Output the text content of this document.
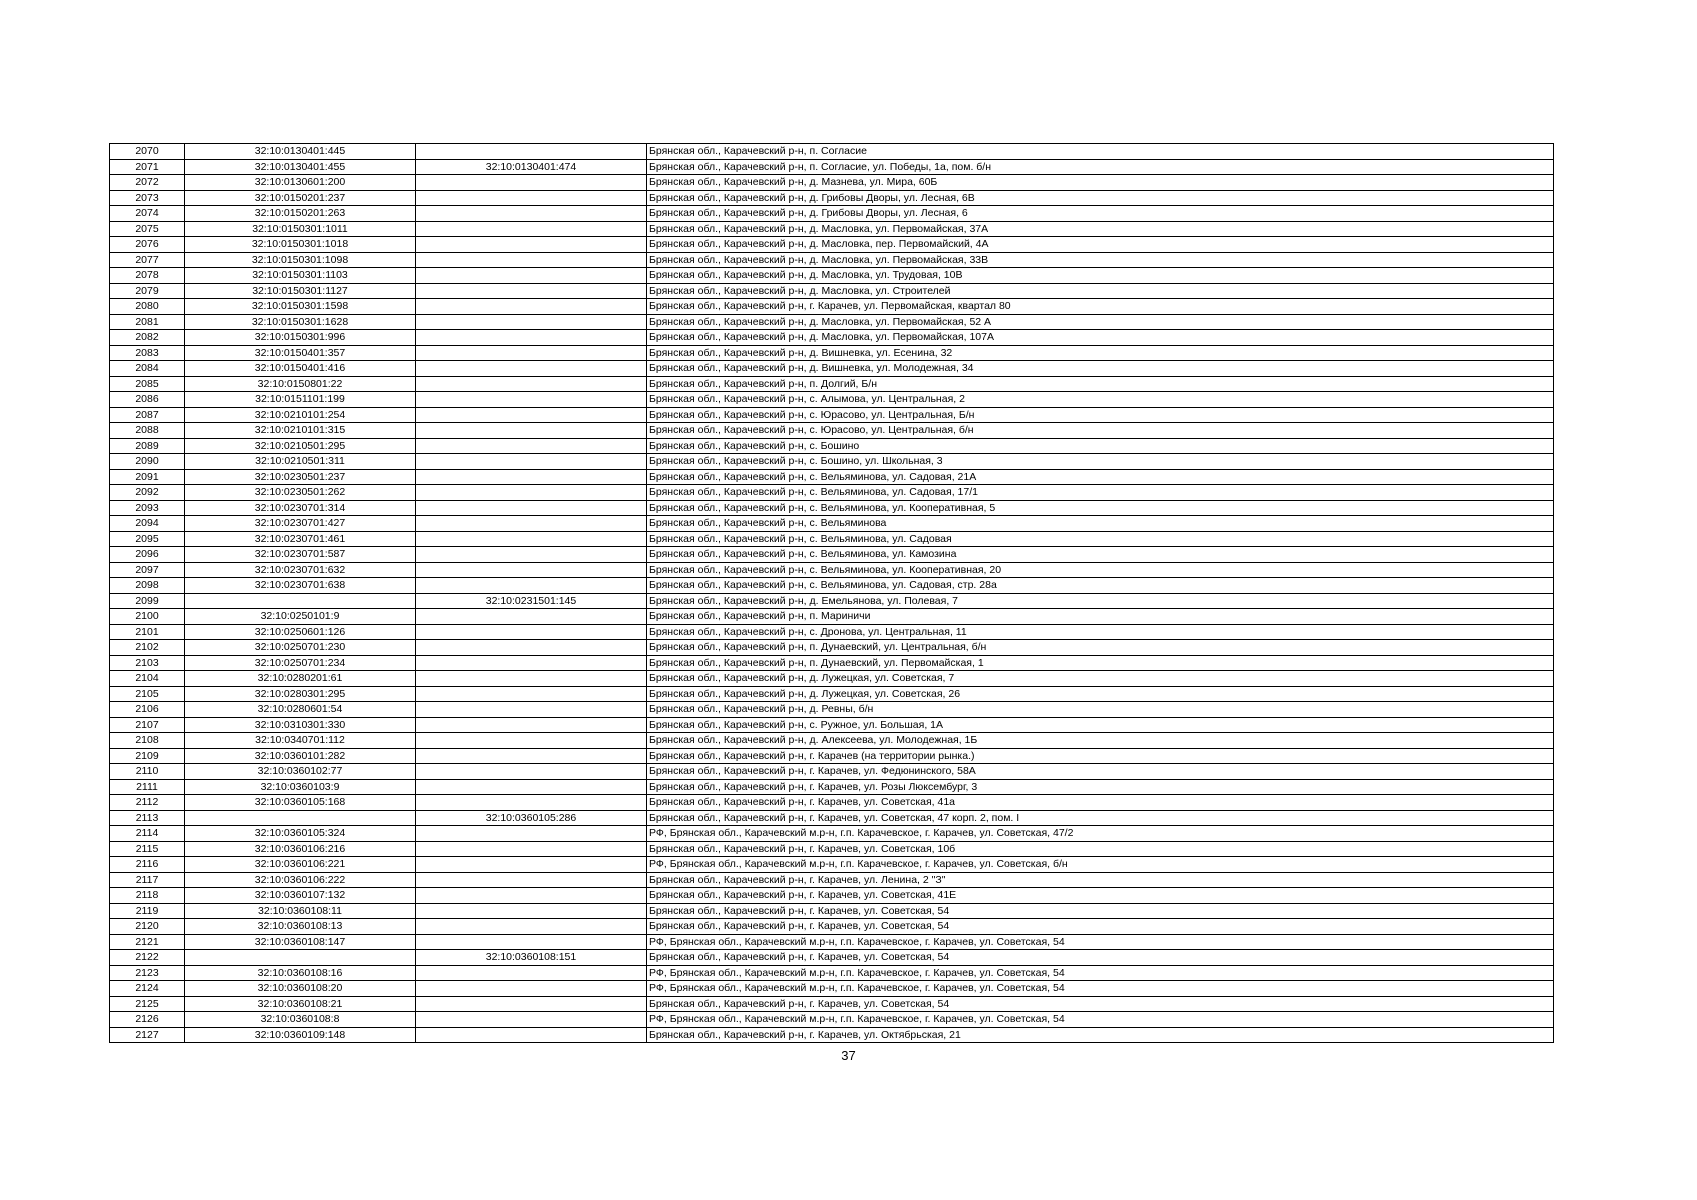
2070	32:10:0130401:445		Брянская обл., Карачевский р-н, п. Согласие
2071	32:10:0130401:455	32:10:0130401:474	Брянская обл., Карачевский р-н, п. Согласие, ул. Победы, 1а, пом. б/н
2072	32:10:0130601:200		Брянская обл., Карачевский р-н, д. Мазнева, ул. Мира, 60Б
2073	32:10:0150201:237		Брянская обл., Карачевский р-н, д. Грибовы Дворы, ул. Лесная, 6В
2074	32:10:0150201:263		Брянская обл., Карачевский р-н, д. Грибовы Дворы, ул. Лесная, 6
2075	32:10:0150301:1011		Брянская обл., Карачевский р-н, д. Масловка, ул. Первомайская, 37А
2076	32:10:0150301:1018		Брянская обл., Карачевский р-н, д. Масловка, пер. Первомайский, 4А
2077	32:10:0150301:1098		Брянская обл., Карачевский р-н, д. Масловка, ул. Первомайская, 33В
2078	32:10:0150301:1103		Брянская обл., Карачевский р-н, д. Масловка, ул. Трудовая, 10В
2079	32:10:0150301:1127		Брянская обл., Карачевский р-н, д. Масловка, ул. Строителей
2080	32:10:0150301:1598		Брянская обл., Карачевский р-н, г. Карачев, ул. Первомайская, квартал 80
2081	32:10:0150301:1628		Брянская обл., Карачевский р-н, д. Масловка, ул. Первомайская, 52 А
2082	32:10:0150301:996		Брянская обл., Карачевский р-н, д. Масловка, ул. Первомайская, 107А
2083	32:10:0150401:357		Брянская обл., Карачевский р-н, д. Вишневка, ул. Есенина, 32
2084	32:10:0150401:416		Брянская обл., Карачевский р-н, д. Вишневка, ул. Молодежная, 34
2085	32:10:0150801:22		Брянская обл., Карачевский р-н, п. Долгий, Б/н
2086	32:10:0151101:199		Брянская обл., Карачевский р-н, с. Алымова, ул. Центральная, 2
2087	32:10:0210101:254		Брянская обл., Карачевский р-н, с. Юрасово, ул. Центральная, Б/н
2088	32:10:0210101:315		Брянская обл., Карачевский р-н, с. Юрасово, ул. Центральная, б/н
2089	32:10:0210501:295		Брянская обл., Карачевский р-н, с. Бошино
2090	32:10:0210501:311		Брянская обл., Карачевский р-н, с. Бошино, ул. Школьная, 3
2091	32:10:0230501:237		Брянская обл., Карачевский р-н, с. Вельяминова, ул. Садовая, 21А
2092	32:10:0230501:262		Брянская обл., Карачевский р-н, с. Вельяминова, ул. Садовая, 17/1
2093	32:10:0230701:314		Брянская обл., Карачевский р-н, с. Вельяминова, ул. Кооперативная, 5
2094	32:10:0230701:427		Брянская обл., Карачевский р-н, с. Вельяминова
2095	32:10:0230701:461		Брянская обл., Карачевский р-н, с. Вельяминова, ул. Садовая
2096	32:10:0230701:587		Брянская обл., Карачевский р-н, с. Вельяминова, ул. Камозина
2097	32:10:0230701:632		Брянская обл., Карачевский р-н, с. Вельяминова, ул. Кооперативная, 20
2098	32:10:0230701:638		Брянская обл., Карачевский р-н, с. Вельяминова, ул. Садовая, стр. 28а
2099		32:10:0231501:145	Брянская обл., Карачевский р-н, д. Емельянова, ул. Полевая, 7
2100	32:10:0250101:9		Брянская обл., Карачевский р-н, п. Мариничи
2101	32:10:0250601:126		Брянская обл., Карачевский р-н, с. Дронова, ул. Центральная, 11
2102	32:10:0250701:230		Брянская обл., Карачевский р-н, п. Дунаевский, ул. Центральная, б/н
2103	32:10:0250701:234		Брянская обл., Карачевский р-н, п. Дунаевский, ул. Первомайская, 1
2104	32:10:0280201:61		Брянская обл., Карачевский р-н, д. Лужецкая, ул. Советская, 7
2105	32:10:0280301:295		Брянская обл., Карачевский р-н, д. Лужецкая, ул. Советская, 26
2106	32:10:0280601:54		Брянская обл., Карачевский р-н, д. Ревны, б/н
2107	32:10:0310301:330		Брянская обл., Карачевский р-н, с. Ружное, ул. Большая, 1А
2108	32:10:0340701:112		Брянская обл., Карачевский р-н, д. Алексеева, ул. Молодежная, 1Б
2109	32:10:0360101:282		Брянская обл., Карачевский р-н, г. Карачев (на территории рынка.)
2110	32:10:0360102:77		Брянская обл., Карачевский р-н, г. Карачев, ул. Федюнинского, 58А
2111	32:10:0360103:9		Брянская обл., Карачевский р-н, г. Карачев, ул. Розы Люксембург, 3
2112	32:10:0360105:168		Брянская обл., Карачевский р-н, г. Карачев, ул. Советская, 41а
2113		32:10:0360105:286	Брянская обл., Карачевский р-н, г. Карачев, ул. Советская, 47 корп. 2, пом. I
2114	32:10:0360105:324		РФ, Брянская обл., Карачевский м.р-н, г.п. Карачевское, г. Карачев, ул. Советская, 47/2
2115	32:10:0360106:216		Брянская обл., Карачевский р-н, г. Карачев, ул. Советская, 10б
2116	32:10:0360106:221		РФ, Брянская обл., Карачевский м.р-н, г.п. Карачевское, г. Карачев, ул. Советская, б/н
2117	32:10:0360106:222		Брянская обл., Карачевский р-н, г. Карачев, ул. Ленина, 2 "З"
2118	32:10:0360107:132		Брянская обл., Карачевский р-н, г. Карачев, ул. Советская, 41Е
2119	32:10:0360108:11		Брянская обл., Карачевский р-н, г. Карачев, ул. Советская, 54
2120	32:10:0360108:13		Брянская обл., Карачевский р-н, г. Карачев, ул. Советская, 54
2121	32:10:0360108:147		РФ, Брянская обл., Карачевский м.р-н, г.п. Карачевское, г. Карачев, ул. Советская, 54
2122		32:10:0360108:151	Брянская обл., Карачевский р-н, г. Карачев, ул. Советская, 54
2123	32:10:0360108:16		РФ, Брянская обл., Карачевский м.р-н, г.п. Карачевское, г. Карачев, ул. Советская, 54
2124	32:10:0360108:20		РФ, Брянская обл., Карачевский м.р-н, г.п. Карачевское, г. Карачев, ул. Советская, 54
2125	32:10:0360108:21		Брянская обл., Карачевский р-н, г. Карачев, ул. Советская, 54
2126	32:10:0360108:8		РФ, Брянская обл., Карачевский м.р-н, г.п. Карачевское, г. Карачев, ул. Советская, 54
2127	32:10:0360109:148		Брянская обл., Карачевский р-н, г. Карачев, ул. Октябрьская, 21
37
